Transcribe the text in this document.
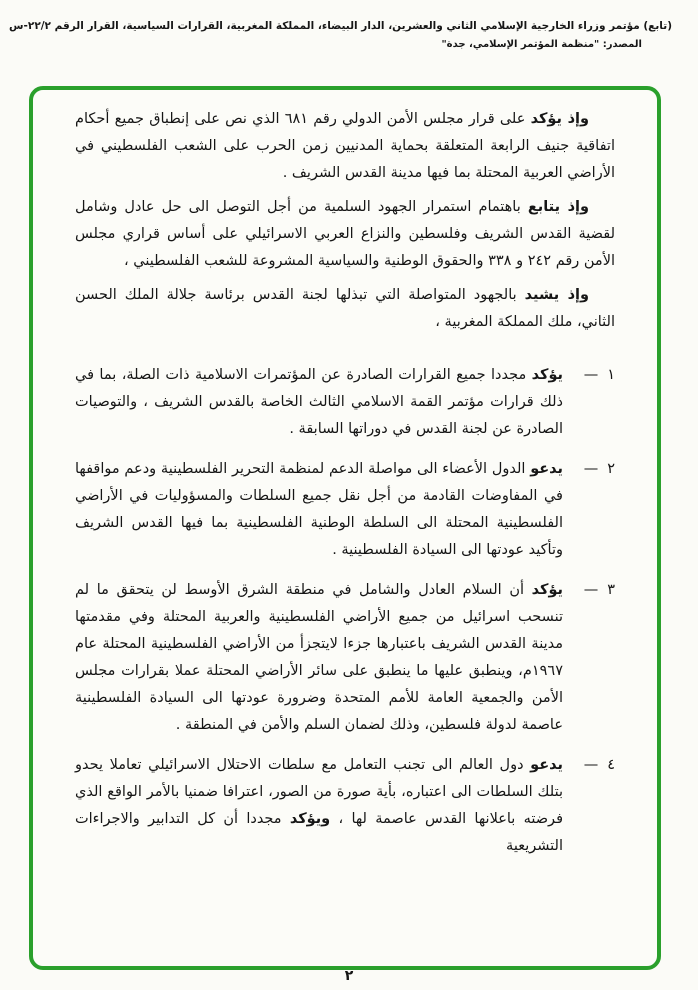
(تابع) مؤتمر وزراء الخارجية الإسلامي الثاني والعشرين، الدار البيضاء، المملكة المغربية، القرارات السياسية، القرار الرقم ٢٢/٢-س
المصدر: "منظمة المؤتمر الإسلامي، جدة"

وإذ يؤكد على قرار مجلس الأمن الدولي رقم ٦٨١ الذي نص على إنطباق جميع أحكام اتفاقية جنيف الرابعة المتعلقة بحماية المدنيين زمن الحرب على الشعب الفلسطيني في الأراضي العربية المحتلة بما فيها مدينة القدس الشريف .

وإذ يتابع باهتمام استمرار الجهود السلمية من أجل التوصل الى حل عادل وشامل لقضية القدس الشريف وفلسطين والنزاع العربي الاسرائيلي على أساس قراري مجلس الأمن رقم ٢٤٢ و ٣٣٨ والحقوق الوطنية والسياسية المشروعة للشعب الفلسطيني ،

وإذ يشيد بالجهود المتواصلة التي تبذلها لجنة القدس برئاسة جلالة الملك الحسن الثاني، ملك المملكة المغربية ،

١
—

يؤكد مجددا جميع القرارات الصادرة عن المؤتمرات الاسلامية ذات الصلة، بما في ذلك قرارات مؤتمر القمة الاسلامي الثالث الخاصة بالقدس الشريف ، والتوصيات الصادرة عن لجنة القدس في دوراتها السابقة .

٢
—

يدعو الدول الأعضاء الى مواصلة الدعم لمنظمة التحرير الفلسطينية ودعم مواقفها في المفاوضات القادمة من أجل نقل جميع السلطات والمسؤوليات في الأراضي الفلسطينية المحتلة الى السلطة الوطنية الفلسطينية بما فيها القدس الشريف وتأكيد عودتها الى السيادة الفلسطينية .

٣
—

يؤكد أن السلام العادل والشامل في منطقة الشرق الأوسط لن يتحقق ما لم تنسحب اسرائيل من جميع الأراضي الفلسطينية والعربية المحتلة وفي مقدمتها مدينة القدس الشريف باعتبارها جزءا لايتجزأ من الأراضي الفلسطينية المحتلة عام ١٩٦٧م، وينطبق عليها ما ينطبق على سائر الأراضي المحتلة عملا بقرارات مجلس الأمن والجمعية العامة للأمم المتحدة وضرورة عودتها الى السيادة الفلسطينية عاصمة لدولة فلسطين، وذلك لضمان السلم والأمن في المنطقة .

٤
—

يدعو دول العالم الى تجنب التعامل مع سلطات الاحتلال الاسرائيلي تعاملا يحدو بتلك السلطات الى اعتباره، بأية صورة من الصور، اعترافا ضمنيا بالأمر الواقع الذي فرضته باعلانها القدس عاصمة لها ، ويؤكد مجددا أن كل التدابير والاجراءات التشريعية

٢
